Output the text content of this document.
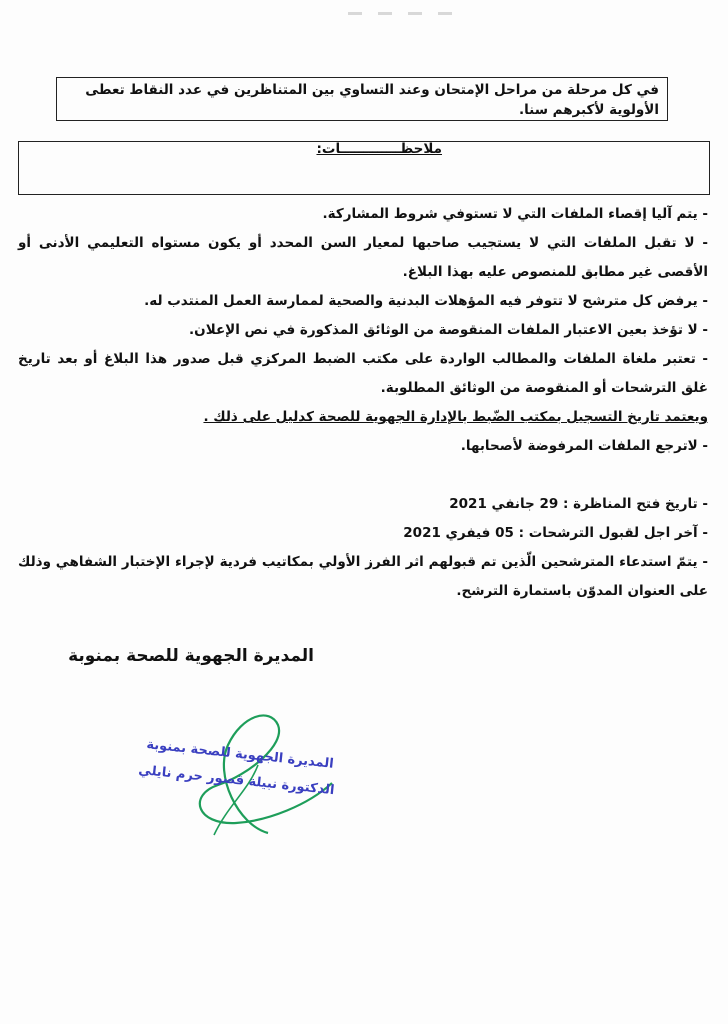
في كل مرحلة من مراحل الإمتحان وعند التساوي بين المتناظرين في عدد النقاط تعطى الأولوية لأكبرهم سنا.
ملاحظـــــــــــــات:

- يتم آليا إقصاء الملفات التي لا تستوفي شروط المشاركة.

- لا تقبل الملفات التي لا يستجيب صاحبها لمعيار السن المحدد أو يكون مستواه التعليمي الأدنى أو الأقصى غير مطابق للمنصوص عليه بهذا البلاغ.

- يرفض كل مترشح لا تتوفر فيه المؤهلات البدنية والصحية لممارسة العمل المنتدب له.

- لا تؤخذ بعين الاعتبار الملفات المنقوصة من الوثائق المذكورة في نص الإعلان.

- تعتبر ملغاة الملفات والمطالب الواردة على مكتب الضبط المركزي قبل صدور هذا البلاغ أو بعد تاريخ غلق الترشحات أو المنقوصة من الوثائق المطلوبة.

ويعتمد تاريخ التسجيل بمكتب الضّبط بالإدارة الجهوية للصحة كدليل على ذلك .

- لاترجع الملفات المرفوضة لأصحابها.

- تاريخ فتح المناظرة : 29 جانفي 2021

- آخر اجل لقبول الترشحات : 05 فيفري 2021

- يتمّ استدعاء المترشحين الّذين تم قبولهم اثر الفرز الأولي بمكاتيب فردية لإجراء الإختبار الشفاهي وذلك على العنوان المدوّن باستمارة الترشح.

المديرة الجهوية للصحة بمنوبة
المديرة الجهوية للصحة بمنوبة
الدكتورة نبيلة قصور حرم نايلي
